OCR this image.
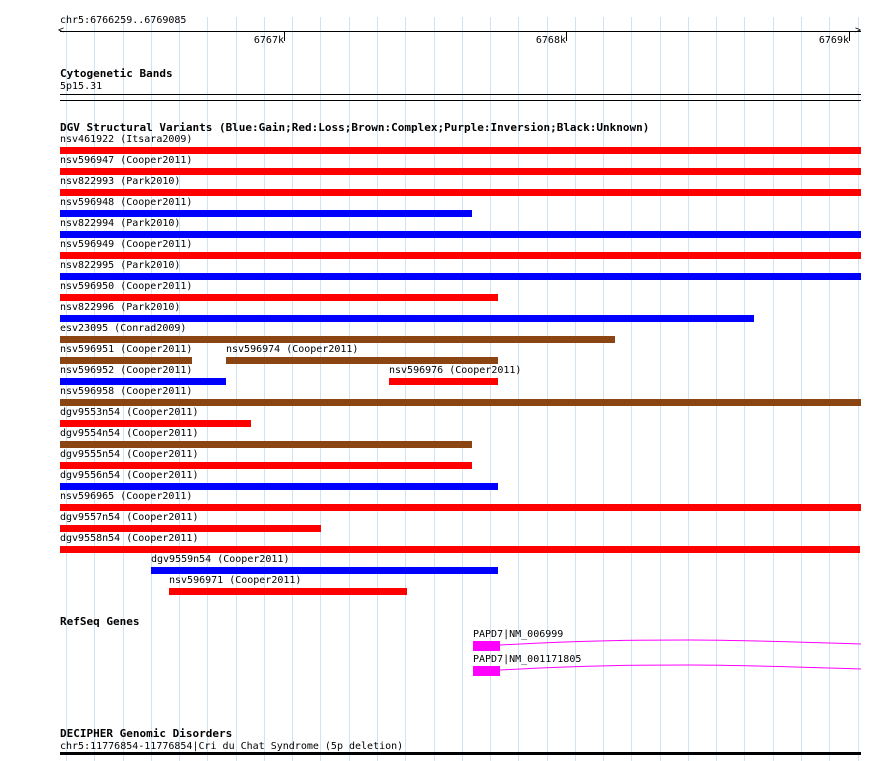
chr5:6766259..6769085
<	>
6767k	6768k	6769k
Cytogenetic Bands
5p15.31
DGV Structural Variants (Blue:Gain;Red:Loss;Brown:Complex;Purple:Inversion;Black:Unknown)
nsv461922 (Itsara2009)
nsv596947 (Cooper2011)
nsv822993 (Park2010)
nsv596948 (Cooper2011)
nsv822994 (Park2010)
nsv596949 (Cooper2011)
nsv822995 (Park2010)
nsv596950 (Cooper2011)
nsv822996 (Park2010)
esv23095 (Conrad2009)
nsv596951 (Cooper2011)	nsv596974 (Cooper2011)
nsv596952 (Cooper2011)	nsv596976 (Cooper2011)
nsv596958 (Cooper2011)
dgv9553n54 (Cooper2011)
dgv9554n54 (Cooper2011)
dgv9555n54 (Cooper2011)
dgv9556n54 (Cooper2011)
nsv596965 (Cooper2011)
dgv9557n54 (Cooper2011)
dgv9558n54 (Cooper2011)
dgv9559n54 (Cooper2011)
nsv596971 (Cooper2011)
RefSeq Genes
PAPD7|NM_006999
PAPD7|NM_001171805
DECIPHER Genomic Disorders
chr5:11776854-11776854|Cri du Chat Syndrome (5p deletion)
